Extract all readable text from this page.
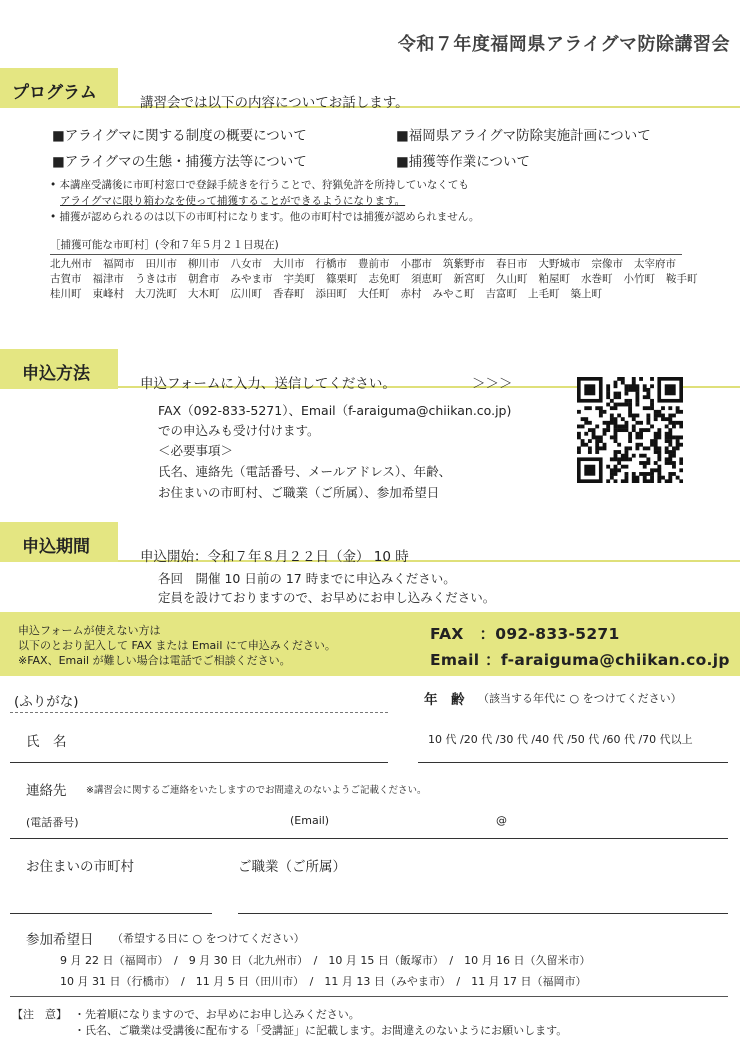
令和７年度福岡県アライグマ防除講習会
プログラム	講習会では以下の内容についてお話します。
■アライグマに関する制度の概要について	■福岡県アライグマ防除実施計画について
■アライグマの生態・捕獲方法等について	■捕獲等作業について
• 本講座受講後に市町村窓口で登録手続きを行うことで、狩猟免許を所持していなくても
アライグマに限り箱わなを使って捕獲することができるようになります。
• 捕獲が認められるのは以下の市町村になります。他の市町村では捕獲が認められません。
［捕獲可能な市町村］(令和７年５月２１日現在)
北九州市 福岡市 田川市 柳川市 八女市 大川市 行橋市 豊前市 小郡市 筑紫野市 春日市 大野城市 宗像市 太宰府市古賀市 福津市 うきは市 朝倉市 みやま市 宇美町 篠栗町 志免町 須恵町 新宮町 久山町 粕屋町 水巻町 小竹町 鞍手町桂川町 東峰村 大刀洗町 大木町 広川町 香春町 添田町 大任町 赤村 みやこ町 吉富町 上毛町 築上町
申込方法	申込フォームに入力、送信してください。	＞＞＞
FAX（092-833-5271）、Email（f-araiguma@chiikan.co.jp)
での申込みも受け付けます。
＜必要事項＞
氏名、連絡先（電話番号、メールアドレス）、年齢、
お住まいの市町村、ご職業（ご所属）、参加希望日
申込期間	申込開始：令和７年８月２２日（金） 10 時
各回　開催 10 日前の 17 時までに申込みください。
定員を設けておりますので、お早めにお申し込みください。
申込フォームが使えない方は
以下のとおり記入して FAX または Email にて申込みください。
※FAX、Email が難しい場合は電話でご相談ください。
FAX　：092-833-5271
Email ：f-araiguma@chiikan.co.jp
(ふりがな)
氏　名
年　齢 （該当する年代に ○ をつけてください）
10 代 /20 代 /30 代 /40 代 /50 代 /60 代 /70 代以上
連絡先 ※講習会に関するご連絡をいたしますのでお間違えのないようご記載ください。
(電話番号)	(Email)	@
お住まいの市町村	ご職業（ご所属）
参加希望日 （希望する日に ○ をつけてください）
9 月 22 日（福岡市）　/　9 月 30 日（北九州市）　/　10 月 15 日（飯塚市）　/　10 月 16 日（久留米市）
10 月 31 日（行橋市）　/　11 月 5 日（田川市）　/　11 月 13 日（みやま市）　/　11 月 17 日（福岡市）
【注　意】 ・先着順になりますので、お早めにお申し込みください。
・氏名、ご職業は受講後に配布する「受講証」に記載します。お間違えのないようにお願いします。
